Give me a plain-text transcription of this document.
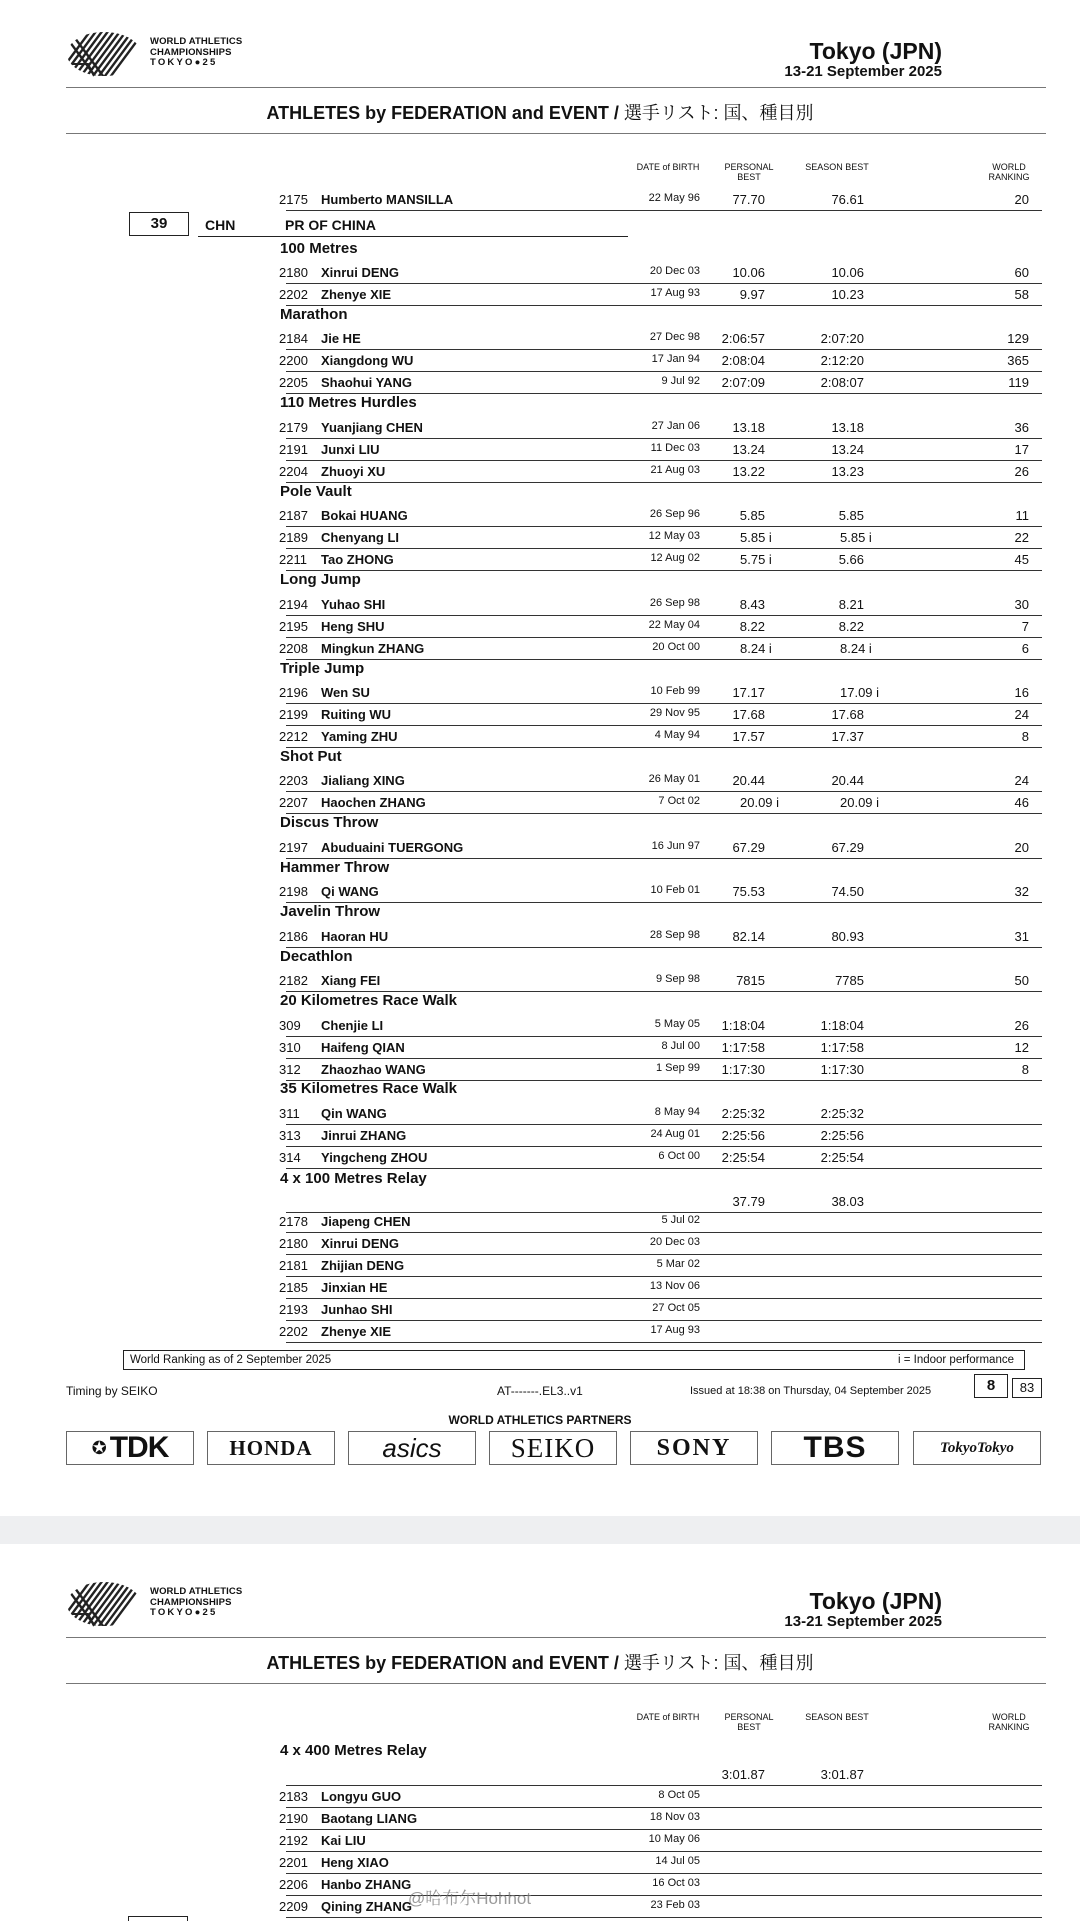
WORLD ATHLETICS
CHAMPIONSHIPS
TOKYO●25	Tokyo (JPN)
13-21 September 2025
ATHLETES by FEDERATION and EVENT / 選手リスト: 国、種目別
DATE of BIRTH	PERSONAL
BEST
SEASON BEST	WORLD
RANKING
2175 Humberto MANSILLA	22 May 96 77.70	76.61	20
39	CHN	PR OF CHINA
100 Metres
Marathon
110 Metres Hurdles
Pole Vault
Long Jump
Triple Jump
Shot Put
Discus Throw
Hammer Throw
Javelin Throw
Decathlon
20 Kilometres Race Walk
35 Kilometres Race Walk
4 x 100 Metres Relay
2180 Xinrui DENG	20 Dec 03 10.06	10.06	60
2202 Zhenye XIE	17 Aug 93	9.97	10.23	58
2184 Jie HE	27 Dec 98 2:06:57	2:07:20	129
2200 Xiangdong WU	17 Jan 94 2:08:04	2:12:20	365
2205 Shaohui YANG	9 Jul 92 2:07:09	2:08:07	119
2179 Yuanjiang CHEN	27 Jan 06 13.18	13.18	36
2191 Junxi LIU	11 Dec 03 13.24	13.24	17
2204 Zhuoyi XU	21 Aug 03 13.22	13.23	26
2187 Bokai HUANG	26 Sep 96	5.85	5.85	11
2189 Chenyang LI	12 May 03	5.85 i	5.85 i	22
2211 Tao ZHONG	12 Aug 02	5.75 i	5.66	45
2194 Yuhao SHI	26 Sep 98	8.43	8.21	30
2195 Heng SHU	22 May 04	8.22	8.22	7
2208 Mingkun ZHANG	20 Oct 00	8.24 i	8.24 i	6
2196 Wen SU	10 Feb 99 17.17	17.09 i	16
2199 Ruiting WU	29 Nov 95 17.68	17.68	24
2212 Yaming ZHU	4 May 94 17.57	17.37	8
2203 Jialiang XING	26 May 01 20.44	20.44	24
2207 Haochen ZHANG	7 Oct 02	20.09 i	20.09 i	46
2197 Abuduaini TUERGONG	16 Jun 97 67.29	67.29	20
2198 Qi WANG	10 Feb 01 75.53	74.50	32
2186 Haoran HU	28 Sep 98 82.14	80.93	31
2182 Xiang FEI	9 Sep 98	7815	7785	50
309 Chenjie LI	5 May 05 1:18:04	1:18:04	26
310 Haifeng QIAN	8 Jul 00 1:17:58	1:17:58	12
312 Zhaozhao WANG	1 Sep 99 1:17:30	1:17:30	8
311 Qin WANG	8 May 94 2:25:32	2:25:32
313 Jinrui ZHANG	24 Aug 01 2:25:56	2:25:56
314 Yingcheng ZHOU	6 Oct 00 2:25:54	2:25:54
37.79	38.03
2178 Jiapeng CHEN	5 Jul 02
2180 Xinrui DENG	20 Dec 03
2181 Zhijian DENG	5 Mar 02
2185 Jinxian HE	13 Nov 06
2193 Junhao SHI	27 Oct 05
2202 Zhenye XIE	17 Aug 93
World Ranking as of 2 September 2025	i = Indoor performance
Timing by SEIKO	AT-------.EL3..v1	Issued at 18:38 on Thursday, 04 September 2025	8	83
WORLD ATHLETICS PARTNERS
✪ TDK	HONDA	asics	SEIKO	SONY TBS	TokyoTokyo
WORLD ATHLETICS
CHAMPIONSHIPS
TOKYO●25	Tokyo (JPN)
13-21 September 2025
ATHLETES by FEDERATION and EVENT / 選手リスト: 国、種目別
DATE of BIRTH	PERSONAL
BEST
SEASON BEST	WORLD
RANKING
4 x 400 Metres Relay
3:01.87	3:01.87
2183 Longyu GUO	8 Oct 05
2190 Baotang LIANG	18 Nov 03
2192 Kai LIU	10 May 06
2201 Heng XIAO	14 Jul 05
2206 Hanbo ZHANG	16 Oct 03
2209 Qining ZHANG	23 Feb 03
@哈布尔Hohhot
